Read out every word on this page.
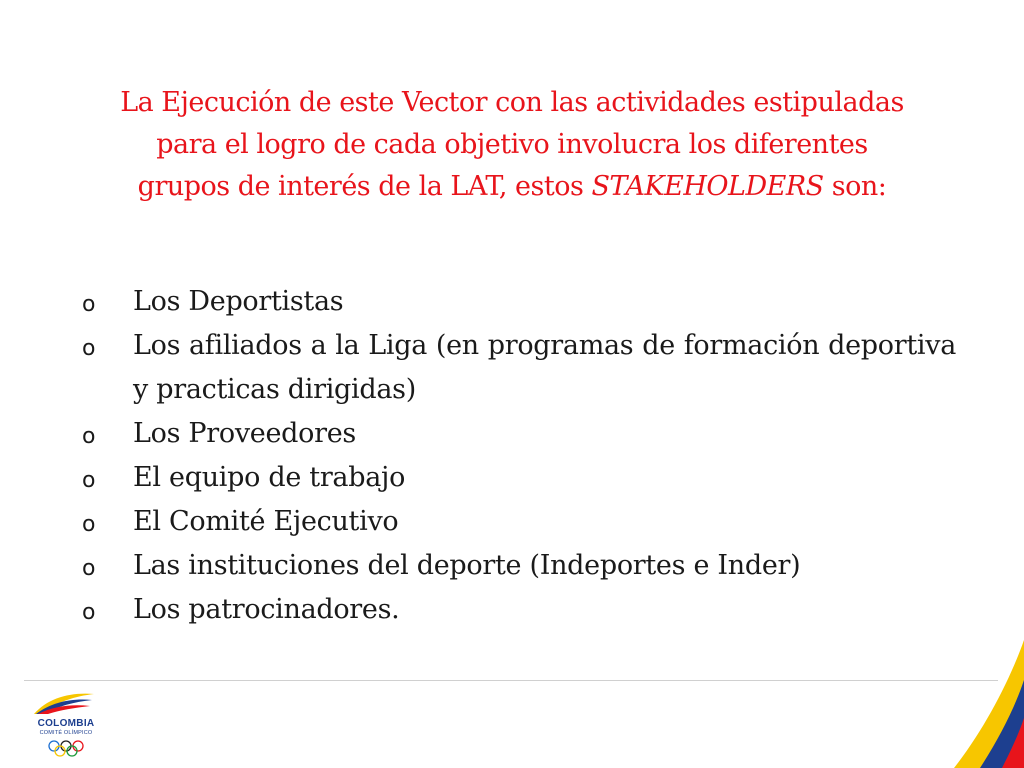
La Ejecución de este Vector con las actividades estipuladas
para el logro de cada objetivo involucra los diferentes
grupos de interés de la LAT, estos STAKEHOLDERS son:
o Los Deportistas
o Los afiliados a la Liga (en programas de formación deportiva y practicas dirigidas)
o Los Proveedores
o El equipo de trabajo
o El Comité Ejecutivo
o Las instituciones del deporte (Indeportes e Inder)
o Los patrocinadores.
COLOMBIA
COMITÉ OLÍMPICO
